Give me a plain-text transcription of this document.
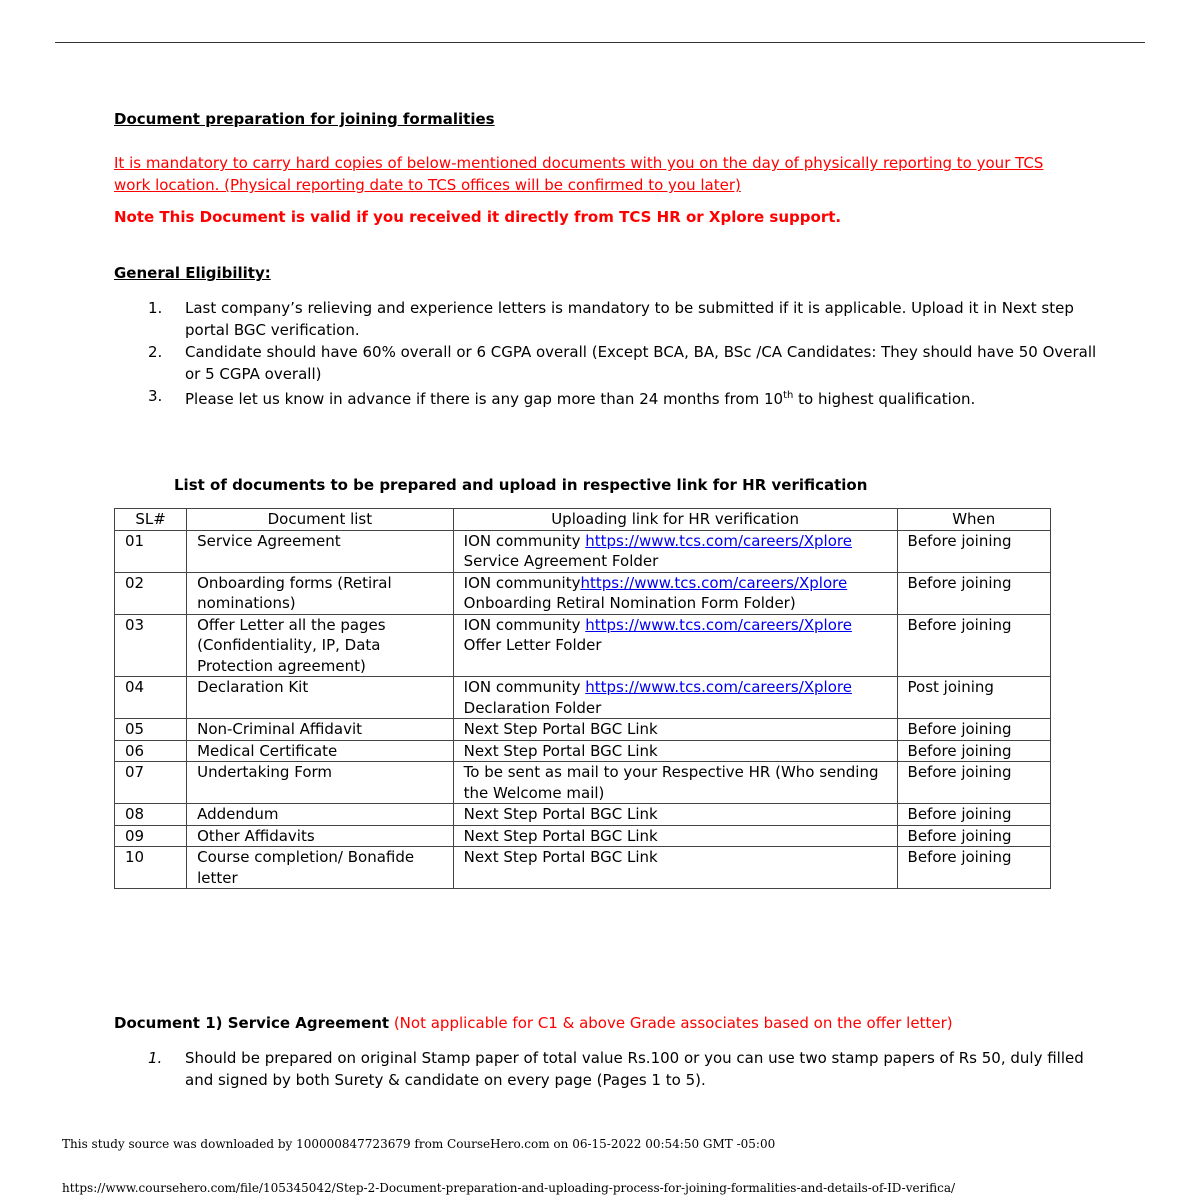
Document preparation for joining formalities
It is mandatory to carry hard copies of below-mentioned documents with you on the day of physically reporting to your TCS work location. (Physical reporting date to TCS offices will be confirmed to you later)
Note This Document is valid if you received it directly from TCS HR or Xplore support.
General Eligibility:
1.	Last company’s relieving and experience letters is mandatory to be submitted if it is applicable. Upload it in Next step portal BGC verification.
2.	Candidate should have 60% overall or 6 CGPA overall (Except BCA, BA, BSc /CA Candidates: They should have 50 Overall or 5 CGPA overall)
3.	Please let us know in advance if there is any gap more than 24 months from 10th to highest qualification.
List of documents to be prepared and upload in respective link for HR verification
SL#	Document list	Uploading link for HR verification	When
01	Service Agreement	ION community https://www.tcs.com/careers/Xplore Service Agreement Folder	Before joining
02	Onboarding forms (Retiral nominations)	ION communityhttps://www.tcs.com/careers/Xplore Onboarding Retiral Nomination Form Folder)	Before joining
03	Offer Letter all the pages (Confidentiality, IP, Data Protection agreement)	ION community https://www.tcs.com/careers/Xplore Offer Letter Folder	Before joining
04	Declaration Kit	ION community https://www.tcs.com/careers/Xplore Declaration Folder	Post joining
05	Non-Criminal Affidavit	Next Step Portal BGC Link	Before joining
06	Medical Certificate	Next Step Portal BGC Link	Before joining
07	Undertaking Form	To be sent as mail to your Respective HR (Who sending the Welcome mail)	Before joining
08	Addendum	Next Step Portal BGC Link	Before joining
09	Other Affidavits	Next Step Portal BGC Link	Before joining
10	Course completion/ Bonafide letter	Next Step Portal BGC Link	Before joining
Document 1) Service Agreement (Not applicable for C1 & above Grade associates based on the offer letter)
1.	Should be prepared on original Stamp paper of total value Rs.100 or you can use two stamp papers of Rs 50, duly filled and signed by both Surety & candidate on every page (Pages 1 to 5).
This study source was downloaded by 100000847723679 from CourseHero.com on 06-15-2022 00:54:50 GMT -05:00
https://www.coursehero.com/file/105345042/Step-2-Document-preparation-and-uploading-process-for-joining-formalities-and-details-of-ID-verifica/
